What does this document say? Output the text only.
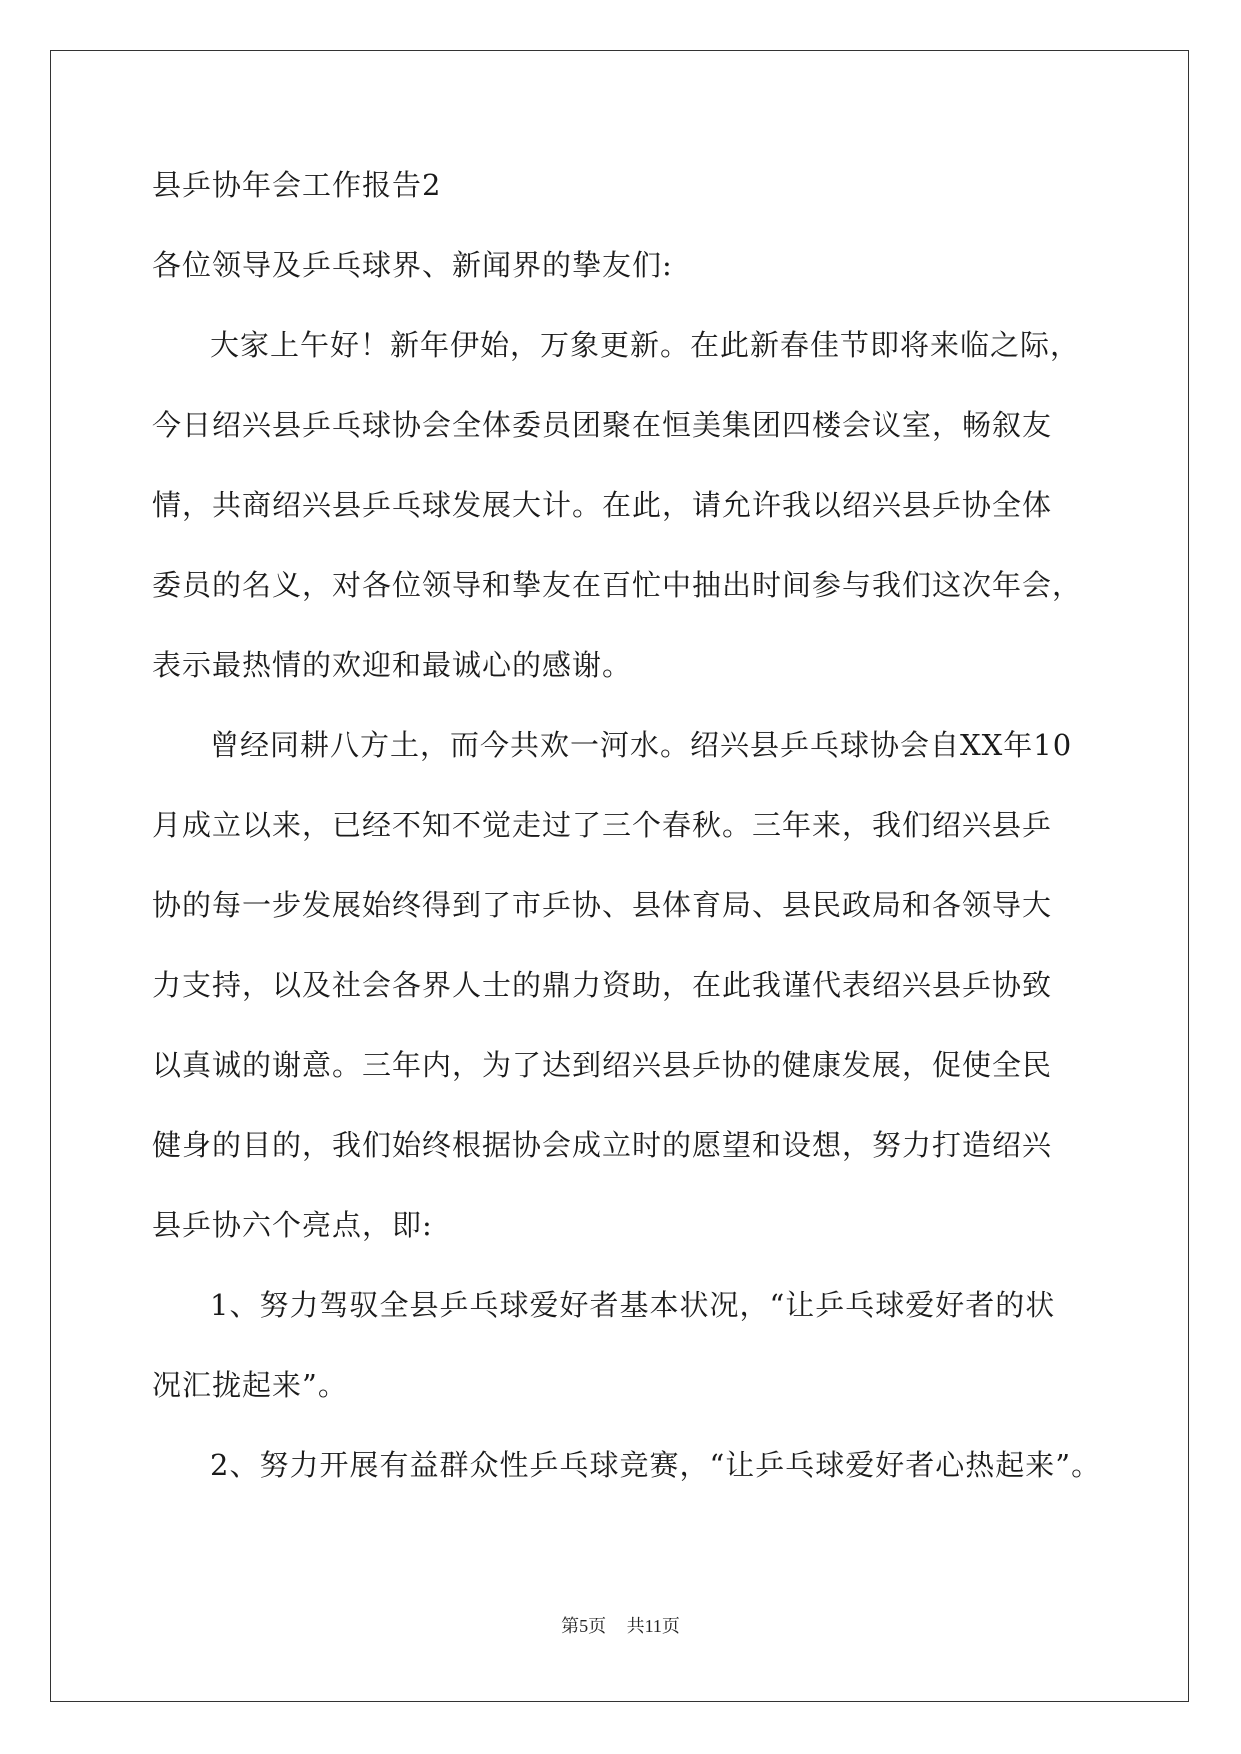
县乒协年会工作报告2
各位领导及乒乓球界、新闻界的挚友们:
大家上午好！新年伊始，万象更新。在此新春佳节即将来临之际，
今日绍兴县乒乓球协会全体委员团聚在恒美集团四楼会议室，畅叙友
情，共商绍兴县乒乓球发展大计。在此，请允许我以绍兴县乒协全体
委员的名义，对各位领导和挚友在百忙中抽出时间参与我们这次年会，
表示最热情的欢迎和最诚心的感谢。
曾经同耕八方土，而今共欢一河水。绍兴县乒乓球协会自XX年10
月成立以来，已经不知不觉走过了三个春秋。三年来，我们绍兴县乒
协的每一步发展始终得到了市乒协、县体育局、县民政局和各领导大
力支持，以及社会各界人士的鼎力资助，在此我谨代表绍兴县乒协致
以真诚的谢意。三年内，为了达到绍兴县乒协的健康发展，促使全民
健身的目的，我们始终根据协会成立时的愿望和设想，努力打造绍兴
县乒协六个亮点，即:
1、努力驾驭全县乒乓球爱好者基本状况，“让乒乓球爱好者的状
况汇拢起来”。
2、努力开展有益群众性乒乓球竞赛，“让乒乓球爱好者心热起来”。
第5页 共11页
